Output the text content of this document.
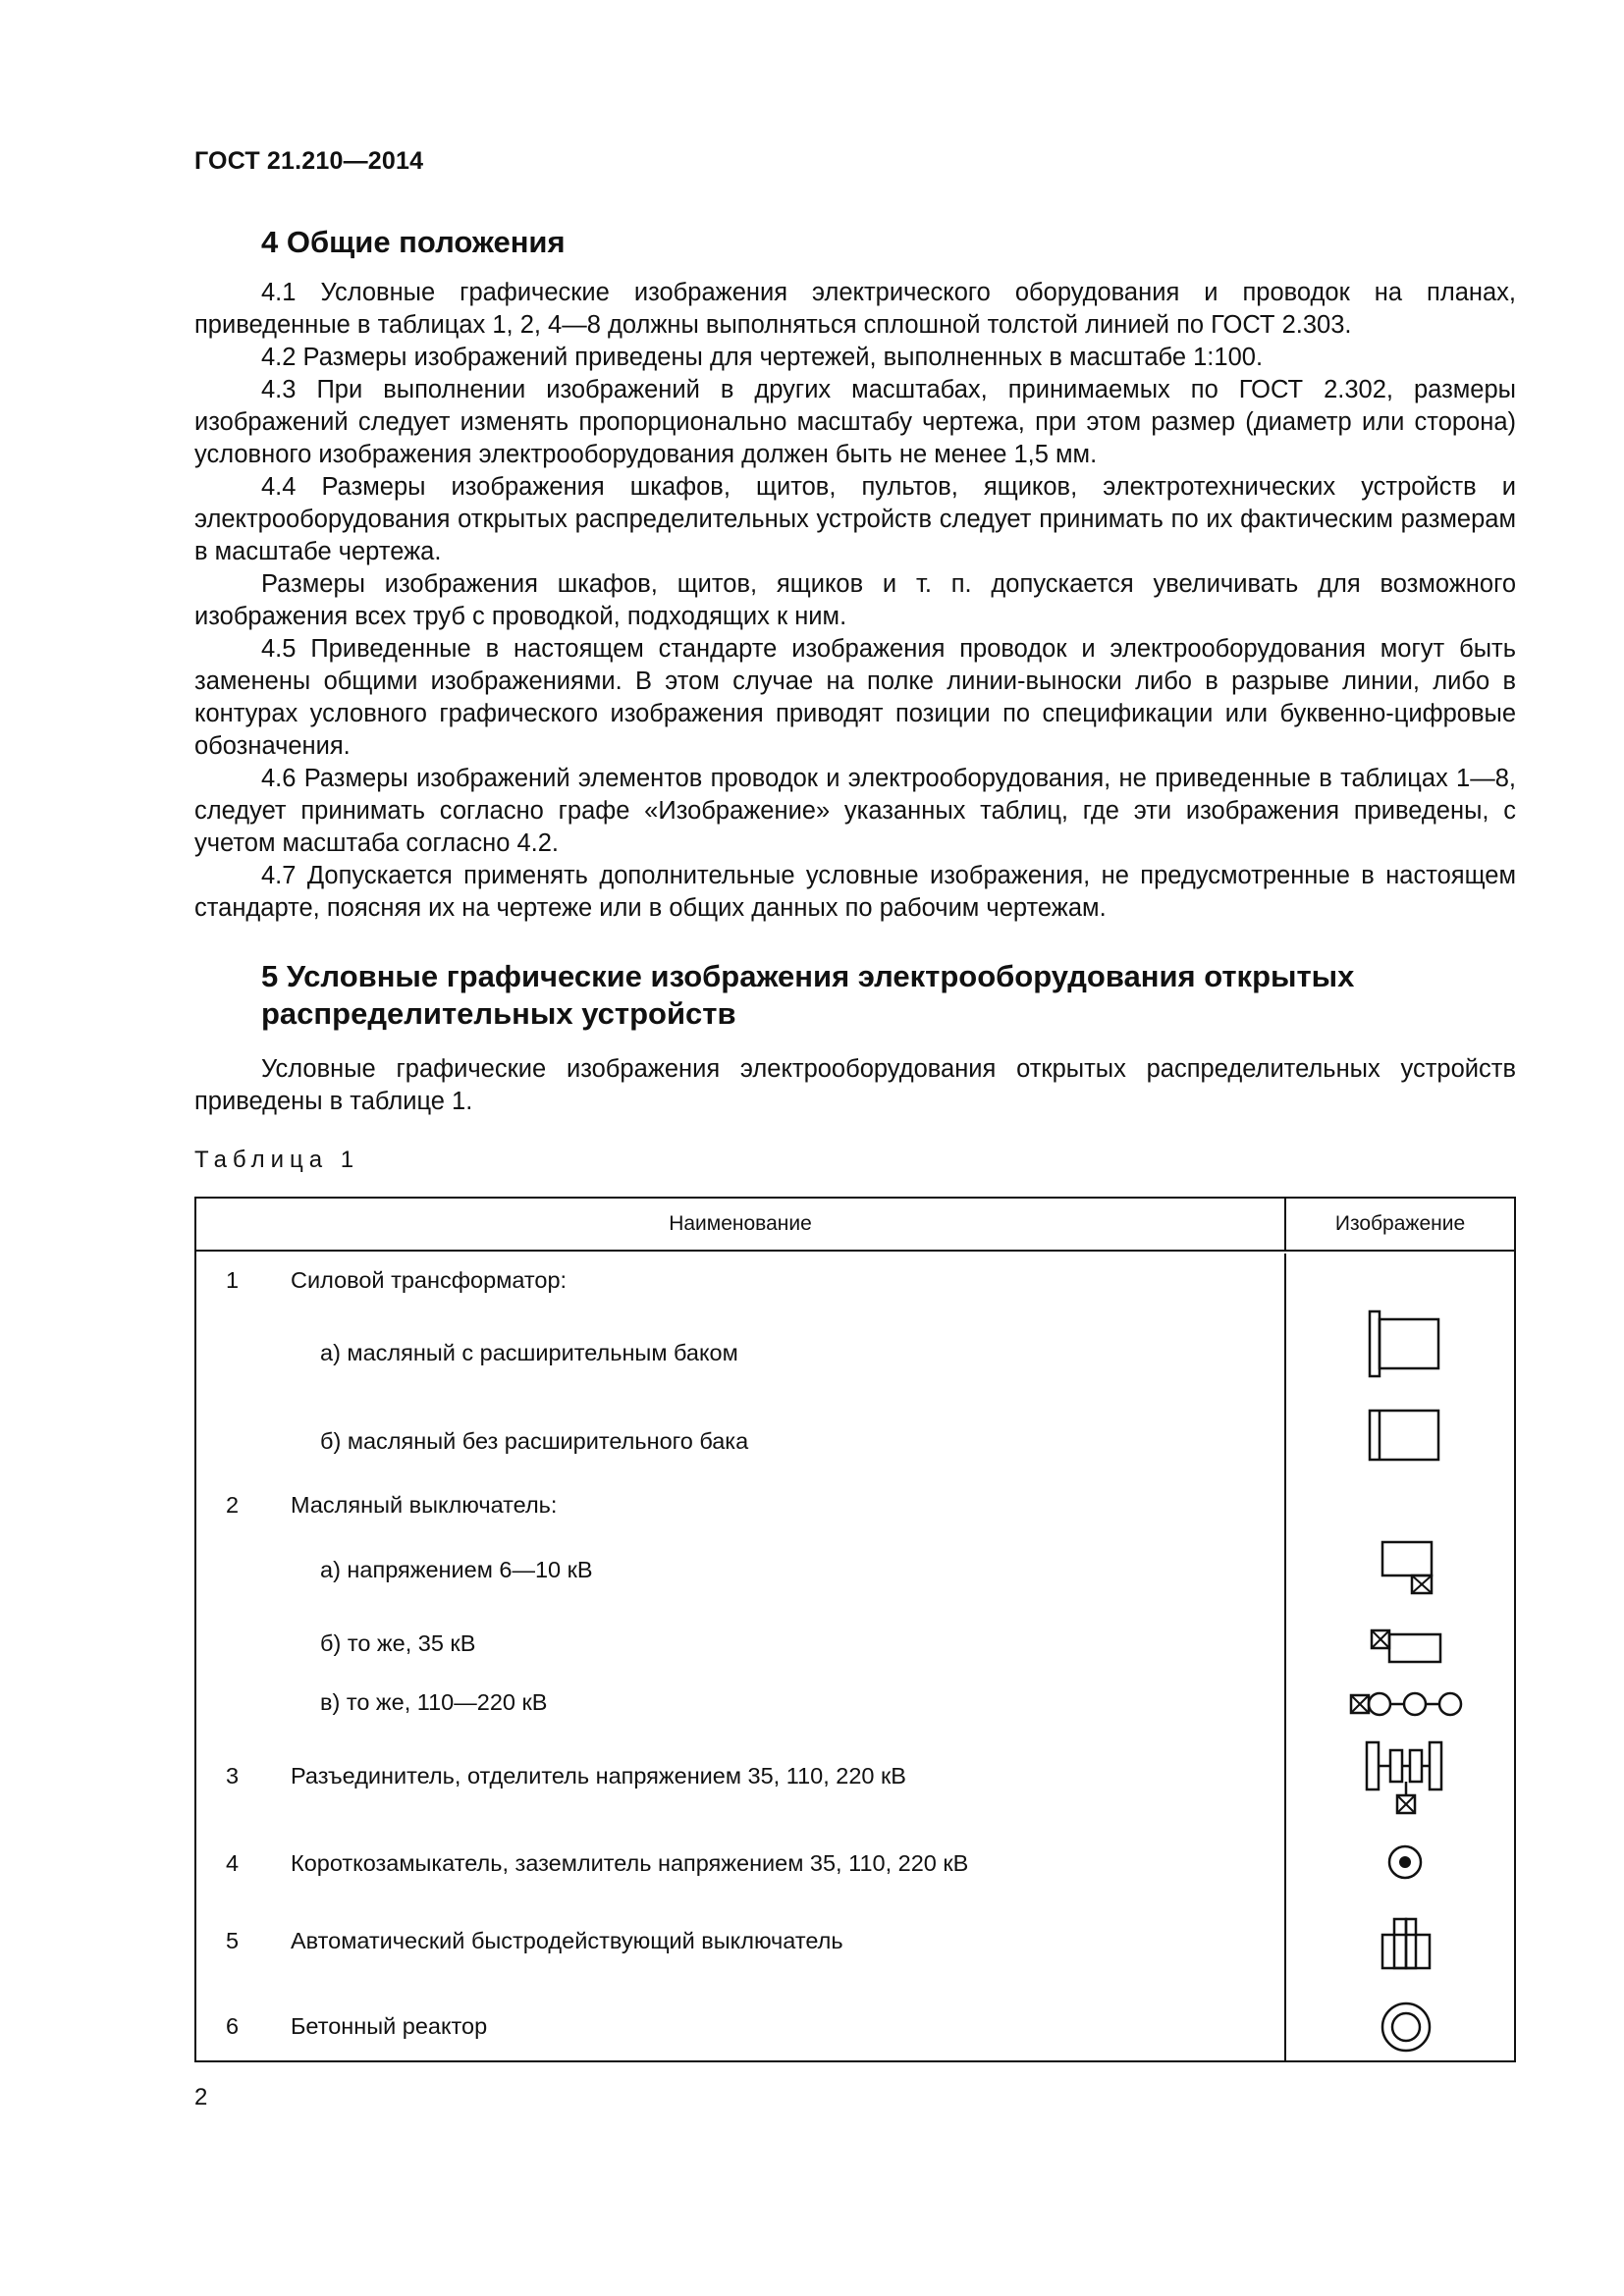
ГОСТ 21.210—2014
4 Общие положения

4.1 Условные графические изображения электрического оборудования и проводок на планах, приведенные в таблицах 1, 2, 4—8 должны выполняться сплошной толстой линией по ГОСТ 2.303.

4.2 Размеры изображений приведены для чертежей, выполненных в масштабе 1:100.

4.3 При выполнении изображений в других масштабах, принимаемых по ГОСТ 2.302, размеры изображений следует изменять пропорционально масштабу чертежа, при этом размер (диаметр или сторона) условного изображения электрооборудования должен быть не менее 1,5 мм.

4.4 Размеры изображения шкафов, щитов, пультов, ящиков, электротехнических устройств и электрооборудования открытых распределительных устройств следует принимать по их фактическим размерам в масштабе чертежа.

Размеры изображения шкафов, щитов, ящиков и т. п. допускается увеличивать для возможного изображения всех труб с проводкой, подходящих к ним.

4.5 Приведенные в настоящем стандарте изображения проводок и электрооборудования могут быть заменены общими изображениями. В этом случае на полке линии-выноски либо в разрыве линии, либо в контурах условного графического изображения приводят позиции по спецификации или буквенно-цифровые обозначения.

4.6 Размеры изображений элементов проводок и электрооборудования, не приведенные в таблицах 1—8, следует принимать согласно графе «Изображение» указанных таблиц, где эти изображения приведены, с учетом масштаба согласно 4.2.

4.7 Допускается применять дополнительные условные изображения, не предусмотренные в настоящем стандарте, поясняя их на чертеже или в общих данных по рабочим чертежам.

5 Условные графические изображения электрооборудования открытых
распределительных устройств

Условные графические изображения электрооборудования открытых распределительных устройств приведены в таблице 1.

Таблица 1
Наименование	Изображение
1 Силовой трансформатор:
а) масляный с расширительным баком
б) масляный без расширительного бака
2 Масляный выключатель:
а) напряжением 6—10 кВ
б) то же, 35 кВ
в) то же, 110—220 кВ
3 Разъединитель, отделитель напряжением 35, 110, 220 кВ
4 Короткозамыкатель, заземлитель напряжением 35, 110, 220 кВ
5 Автоматический быстродействующий выключатель
6 Бетонный реактор
2
